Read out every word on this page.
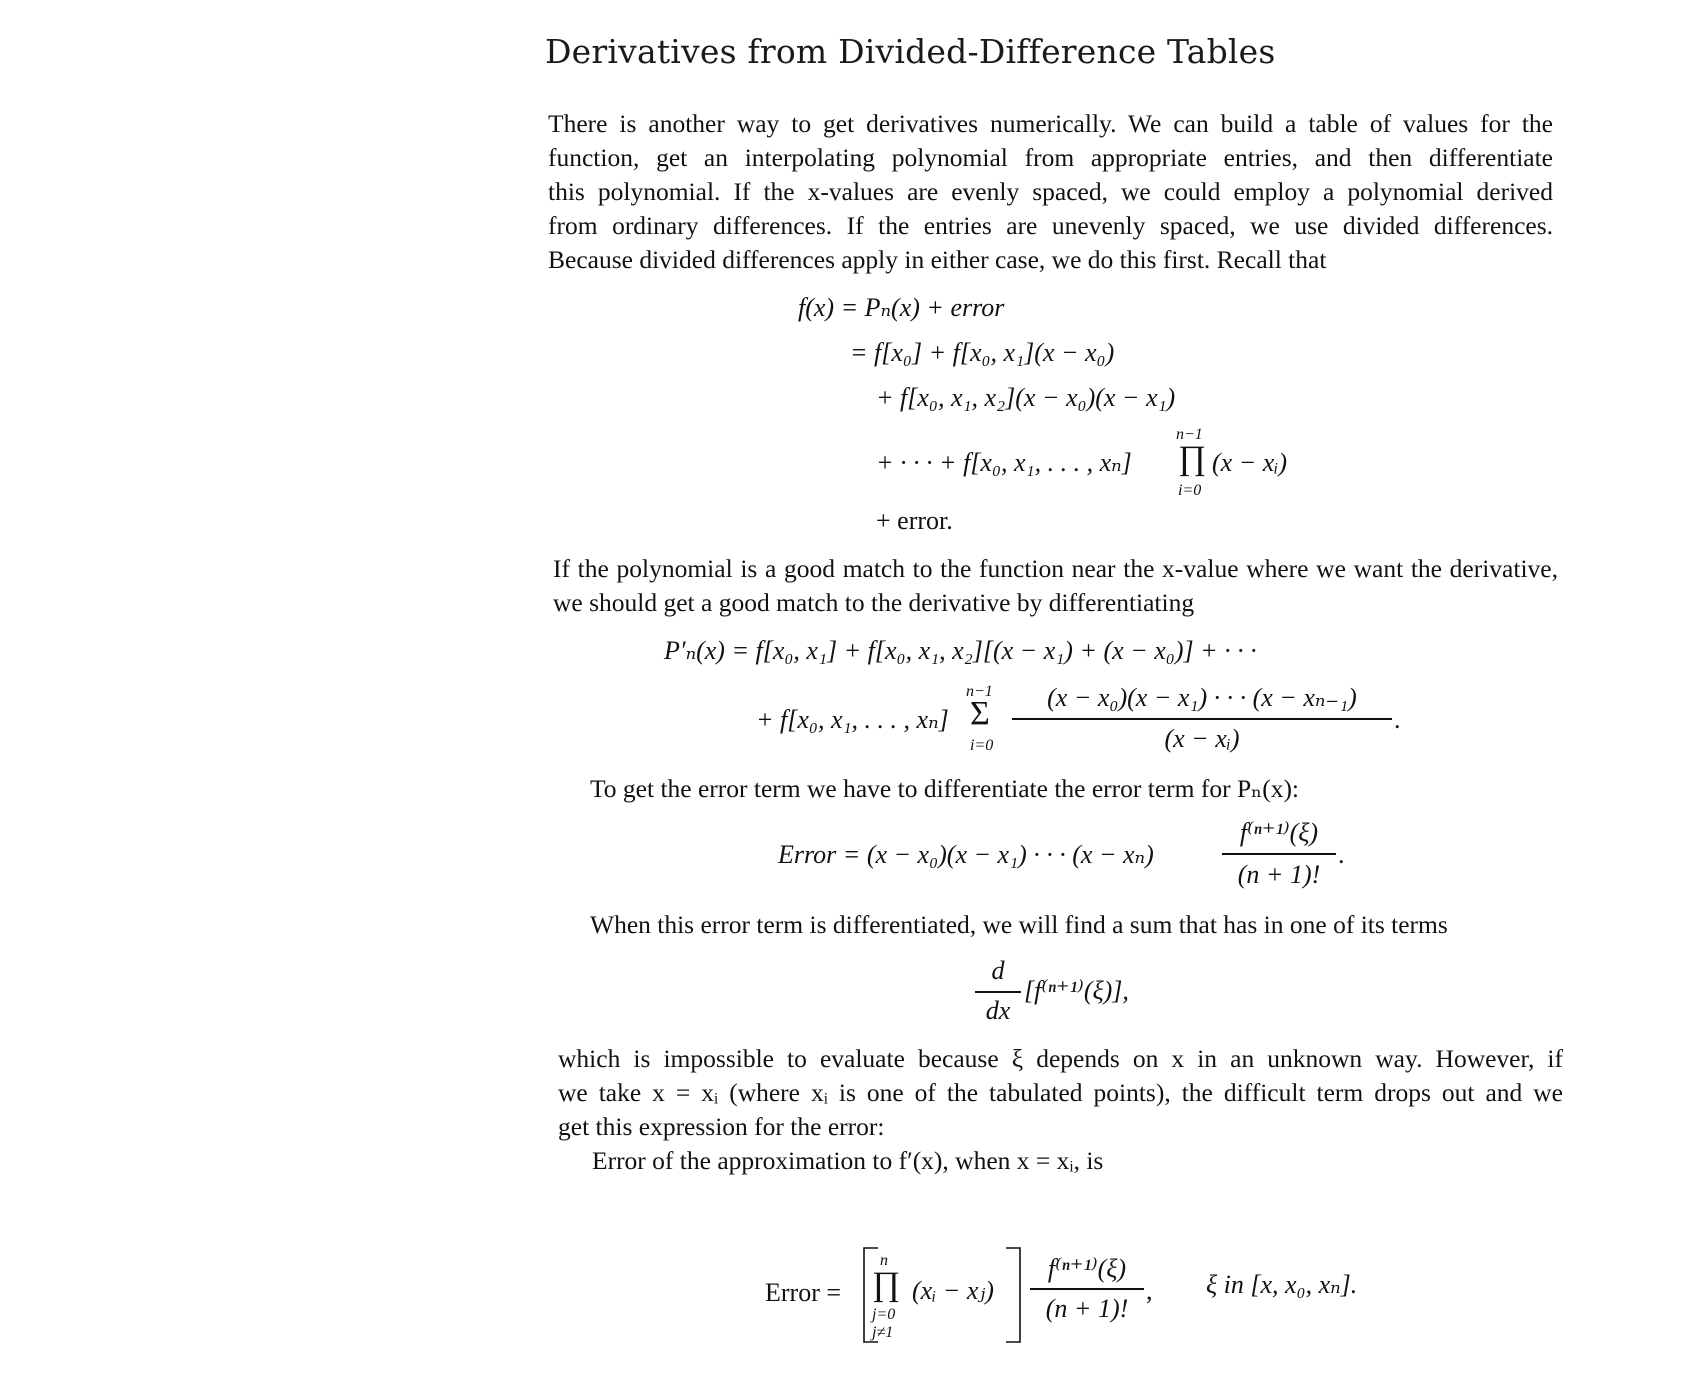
Derivatives from Divided-Difference Tables
There is another way to get derivatives numerically. We can build a table of values for the
function, get an interpolating polynomial from appropriate entries, and then differentiate
this polynomial. If the x-values are evenly spaced, we could employ a polynomial derived
from ordinary differences. If the entries are unevenly spaced, we use divided differences.
Because divided differences apply in either case, we do this first. Recall that
f(x) = Pₙ(x) + error
= f[x₀] + f[x₀, x₁](x − x₀)
+ f[x₀, x₁, x₂](x − x₀)(x − x₁)
+ · · · + f[x₀, x₁, . . . , xₙ]
n−1
∏
i=0
(x − xᵢ)
+ error.
If the polynomial is a good match to the function near the x-value where we want the derivative,
we should get a good match to the derivative by differentiating
P′ₙ(x) = f[x₀, x₁] + f[x₀, x₁, x₂][(x − x₁) + (x − x₀)] + · · ·
+ f[x₀, x₁, . . . , xₙ]
n−1
Σ
i=0
(x − x₀)(x − x₁) · · · (x − xₙ₋₁)
(x − xᵢ)
.
To get the error term we have to differentiate the error term for Pₙ(x):
Error = (x − x₀)(x − x₁) · · · (x − xₙ)
f⁽ⁿ⁺¹⁾(ξ)
(n + 1)!
.
When this error term is differentiated, we will find a sum that has in one of its terms
d
dx
[f⁽ⁿ⁺¹⁾(ξ)],
which is impossible to evaluate because ξ depends on x in an unknown way. However, if
we take x = xᵢ (where xᵢ is one of the tabulated points), the difficult term drops out and we
get this expression for the error:
Error of the approximation to f′(x), when x = xᵢ, is
Error =
n
∏
j=0
j≠1
(xᵢ − xⱼ)
f⁽ⁿ⁺¹⁾(ξ)
(n + 1)!
, ξ in [x, x₀, xₙ].
